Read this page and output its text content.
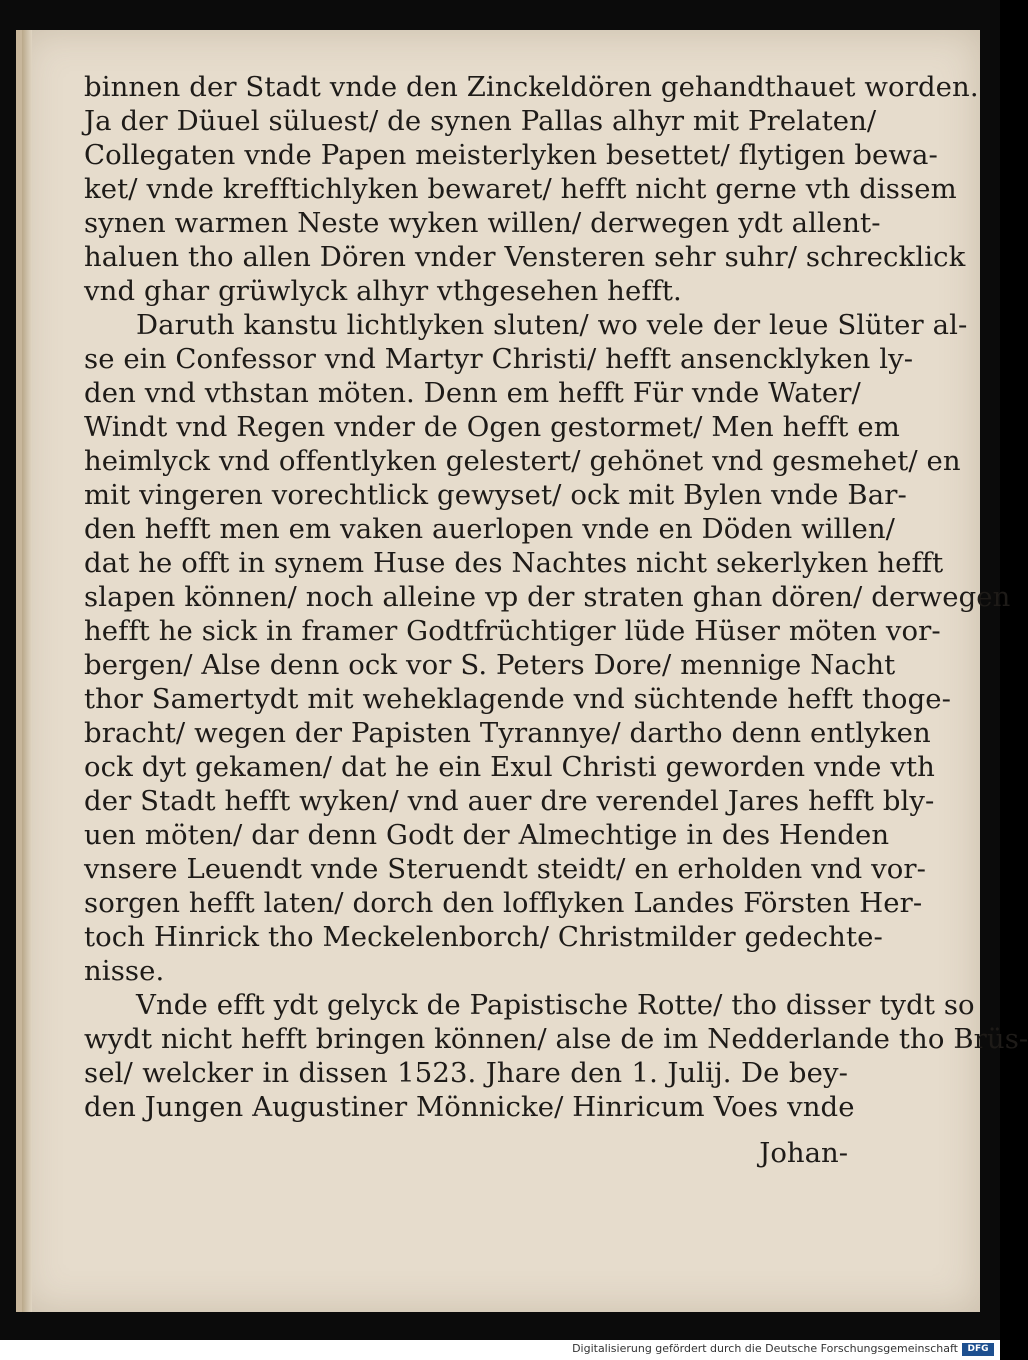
binnen der Stadt vnde den Zinckeldören gehandthauet worden.
Ja der Düuel süluest/ de synen Pallas alhyr mit Prelaten/
Collegaten vnde Papen meisterlyken besettet/ flytigen bewa-
ket/ vnde krefftichlyken bewaret/ hefft nicht gerne vth dissem
synen warmen Neste wyken willen/ derwegen ydt allent-
haluen tho allen Dören vnder Vensteren sehr suhr/ schrecklick
vnd ghar grüwlyck alhyr vthgesehen hefft.
Daruth kanstu lichtlyken sluten/ wo vele der leue Slüter al-
se ein Confessor vnd Martyr Christi/ hefft ansencklyken ly-
den vnd vthstan möten. Denn em hefft Für vnde Water/
Windt vnd Regen vnder de Ogen gestormet/ Men hefft em
heimlyck vnd offentlyken gelestert/ gehönet vnd gesmehet/ en
mit vingeren vorechtlick gewyset/ ock mit Bylen vnde Bar-
den hefft men em vaken auerlopen vnde en Döden willen/
dat he offt in synem Huse des Nachtes nicht sekerlyken hefft
slapen können/ noch alleine vp der straten ghan dören/ derwegen
hefft he sick in framer Godtfrüchtiger lüde Hüser möten vor-
bergen/ Alse denn ock vor S. Peters Dore/ mennige Nacht
thor Samertydt mit weheklagende vnd süchtende hefft thoge-
bracht/ wegen der Papisten Tyrannye/ dartho denn entlyken
ock dyt gekamen/ dat he ein Exul Christi geworden vnde vth
der Stadt hefft wyken/ vnd auer dre verendel Jares hefft bly-
uen möten/ dar denn Godt der Almechtige in des Henden
vnsere Leuendt vnde Steruendt steidt/ en erholden vnd vor-
sorgen hefft laten/ dorch den lofflyken Landes Försten Her-
toch Hinrick tho Meckelenborch/ Christmilder gedechte-
nisse.
Vnde efft ydt gelyck de Papistische Rotte/ tho disser tydt so
wydt nicht hefft bringen können/ alse de im Nedderlande tho Brüs-
sel/ welcker in dissen 1523. Jhare den 1. Julij. De bey-
den Jungen Augustiner Mönnicke/ Hinricum Voes vnde
Johan-
Digitalisierung gefördert durch die Deutsche Forschungsgemeinschaft	DFG
